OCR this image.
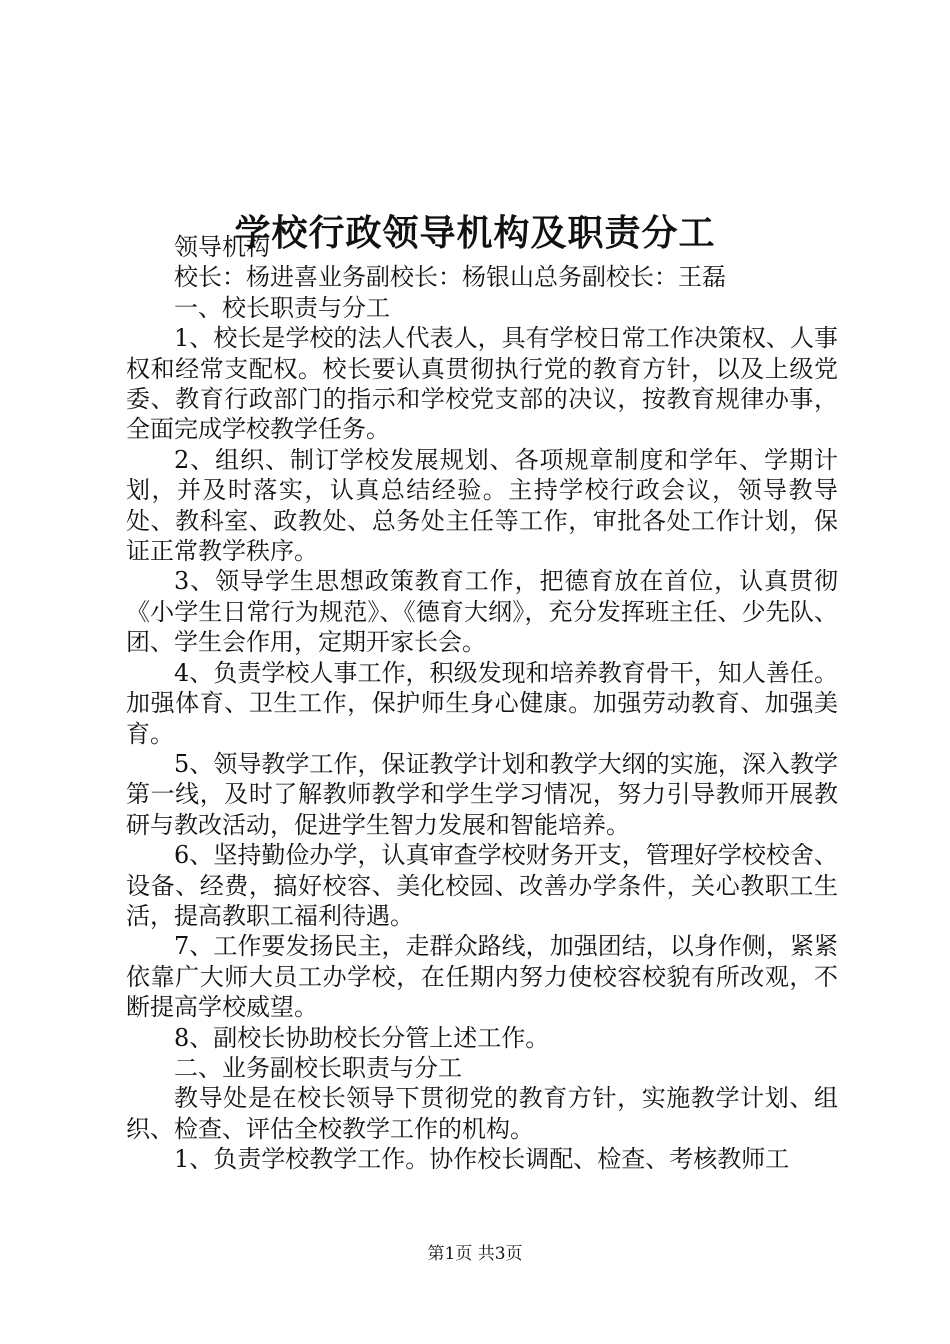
学校行政领导机构及职责分工

领导机构

校长：杨进喜业务副校长：杨银山总务副校长：王磊

一、校长职责与分工

1、校长是学校的法人代表人，具有学校日常工作决策权、人事权和经常支配权。校长要认真贯彻执行党的教育方针，以及上级党委、教育行政部门的指示和学校党支部的决议，按教育规律办事，全面完成学校教学任务。

2、组织、制订学校发展规划、各项规章制度和学年、学期计划，并及时落实，认真总结经验。主持学校行政会议，领导教导处、教科室、政教处、总务处主任等工作，审批各处工作计划，保证正常教学秩序。

3、领导学生思想政策教育工作，把德育放在首位，认真贯彻《小学生日常行为规范》、《德育大纲》，充分发挥班主任、少先队、团、学生会作用，定期开家长会。

4、负责学校人事工作，积级发现和培养教育骨干，知人善任。加强体育、卫生工作，保护师生身心健康。加强劳动教育、加强美育。

5、领导教学工作，保证教学计划和教学大纲的实施，深入教学第一线，及时了解教师教学和学生学习情况，努力引导教师开展教研与教改活动，促进学生智力发展和智能培养。

6、坚持勤俭办学，认真审查学校财务开支，管理好学校校舍、设备、经费，搞好校容、美化校园、改善办学条件，关心教职工生活，提高教职工福利待遇。

7、工作要发扬民主，走群众路线，加强团结，以身作侧，紧紧依靠广大师大员工办学校，在任期内努力使校容校貌有所改观，不断提高学校威望。

8、副校长协助校长分管上述工作。

二、业务副校长职责与分工

教导处是在校长领导下贯彻党的教育方针，实施教学计划、组织、检查、评估全校教学工作的机构。

1、负责学校教学工作。协作校长调配、检查、考核教师工

第1页 共3页
